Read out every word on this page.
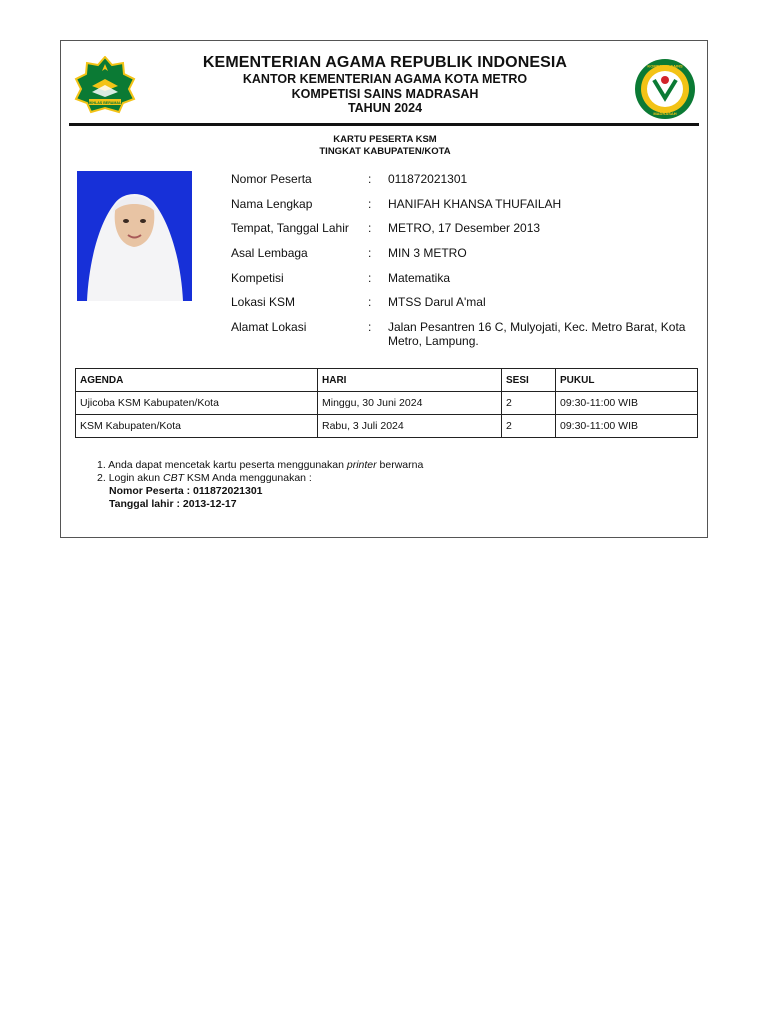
IKHLAS BERAMAL
KOMPETISI SAINS
MADRASAH
KEMENTERIAN AGAMA REPUBLIK INDONESIA
KANTOR KEMENTERIAN AGAMA KOTA METRO
KOMPETISI SAINS MADRASAH
TAHUN 2024
KARTU PESERTA KSM
TINGKAT KABUPATEN/KOTA
Nomor Peserta	: 011872021301
Nama Lengkap	: HANIFAH KHANSA THUFAILAH
Tempat, Tanggal Lahir : METRO, 17 Desember 2013
Asal Lembaga	: MIN 3 METRO
Kompetisi	: Matematika
Lokasi KSM	: MTSS Darul A'mal
Alamat Lokasi	: Jalan Pesantren 16 C, Mulyojati, Kec. Metro Barat, Kota Metro, Lampung.
AGENDA	HARI	SESI	PUKUL
Ujicoba KSM Kabupaten/Kota	Minggu, 30 Juni 2024	2	09:30-11:00 WIB
KSM Kabupaten/Kota	Rabu, 3 Juli 2024	2	09:30-11:00 WIB
1. Anda dapat mencetak kartu peserta menggunakan printer berwarna
2. Login akun CBT KSM Anda menggunakan :
Nomor Peserta : 011872021301
Tanggal lahir : 2013-12-17
